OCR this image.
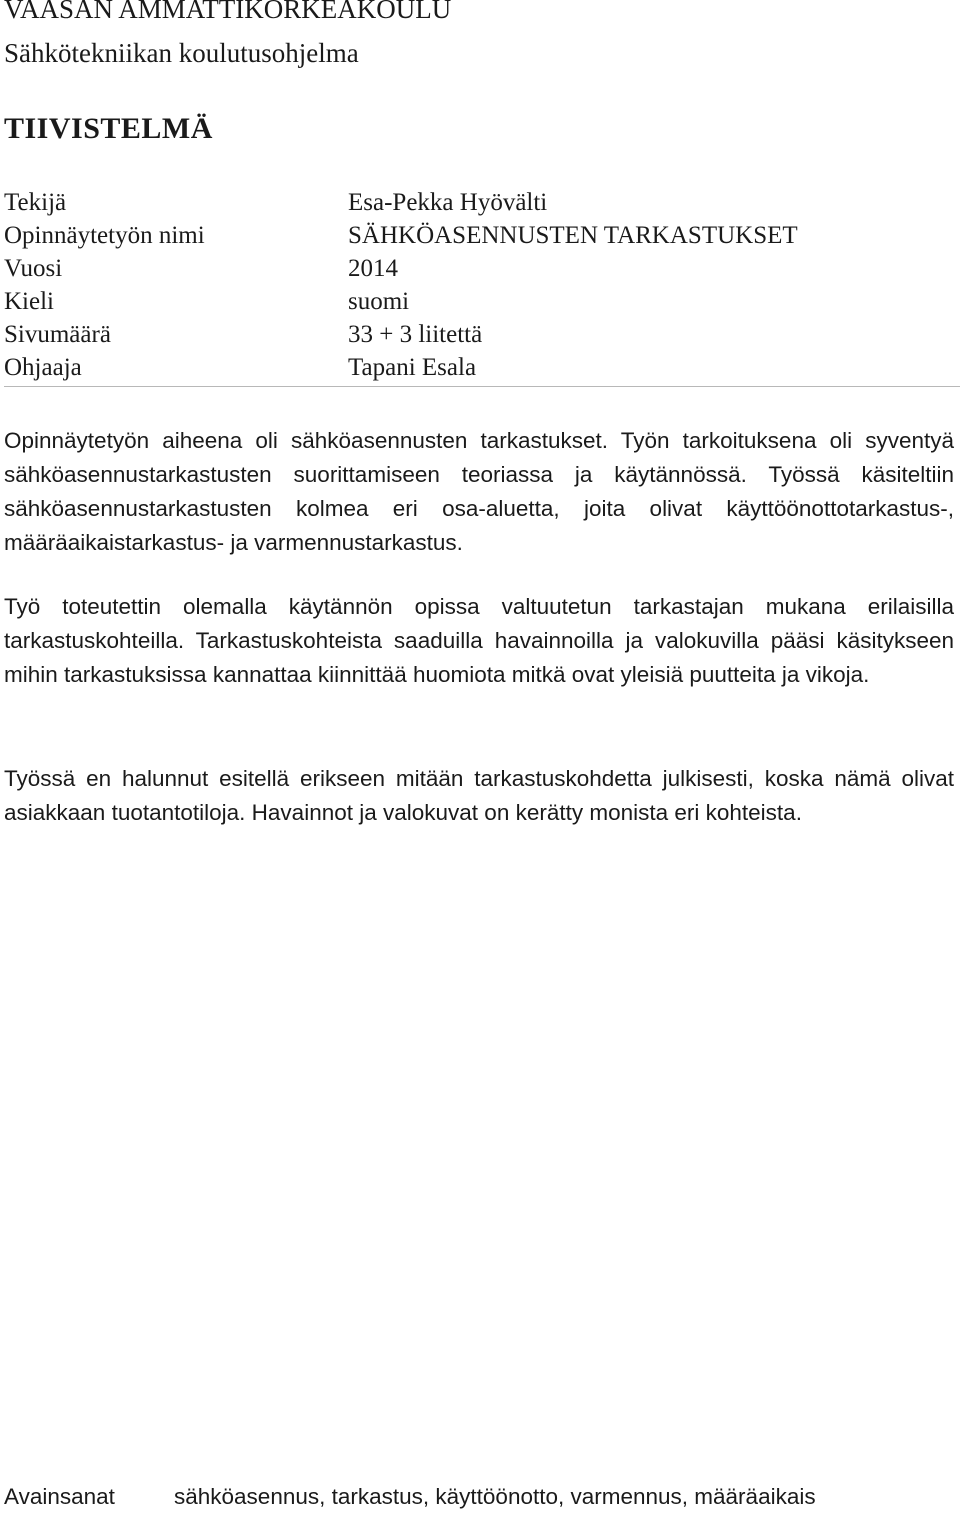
VAASAN AMMATTIKORKEAKOULU
Sähkötekniikan koulutusohjelma
TIIVISTELMÄ
Tekijä	Esa-Pekka Hyövälti
Opinnäytetyön nimi	SÄHKÖASENNUSTEN TARKASTUKSET
Vuosi	2014
Kieli	suomi
Sivumäärä	33 + 3 liitettä
Ohjaaja	Tapani Esala

Opinnäytetyön aiheena oli sähköasennusten tarkastukset. Työn tarkoituksena oli syventyä sähköasennustarkastusten suorittamiseen teoriassa ja käytännössä. Työssä käsiteltiin sähköasennustarkastusten kolmea eri osa-aluetta, joita olivat käyttöönottotarkastus-, määräaikaistarkastus- ja varmennustarkastus.

Työ toteutettin olemalla käytännön opissa valtuutetun tarkastajan mukana erilaisilla tarkastuskohteilla. Tarkastuskohteista saaduilla havainnoilla ja valokuvilla pääsi käsitykseen mihin tarkastuksissa kannattaa kiinnittää huomiota mitkä ovat yleisiä puutteita ja vikoja.

Työssä en halunnut esitellä erikseen mitään tarkastuskohdetta julkisesti, koska nämä olivat asiakkaan tuotantotiloja. Havainnot ja valokuvat on kerätty monista eri kohteista.

Avainsanat	sähköasennus, tarkastus, käyttöönotto, varmennus, määräaikais
